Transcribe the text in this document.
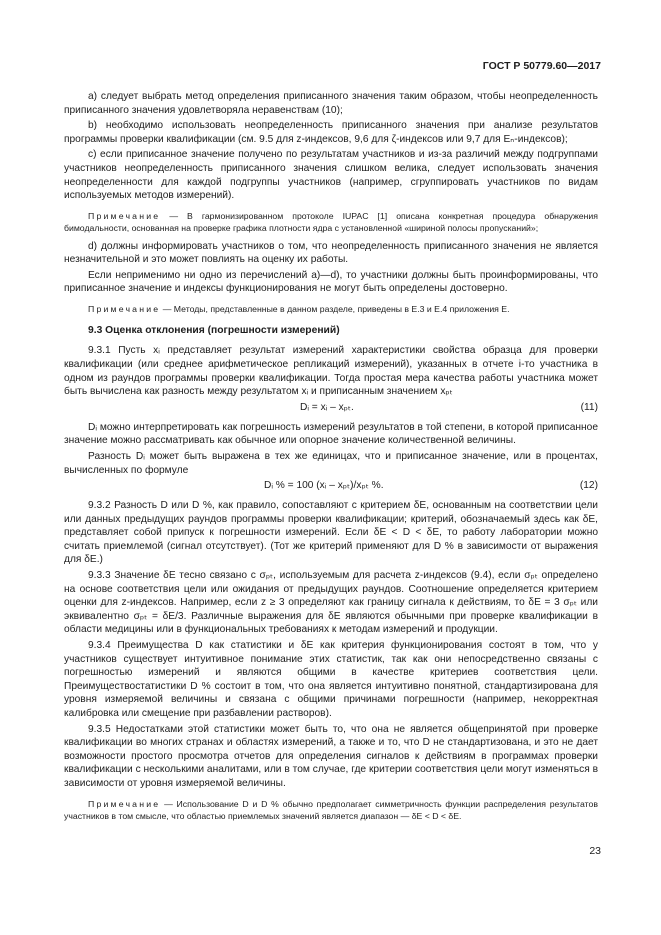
ГОСТ Р 50779.60—2017

a) следует выбрать метод определения приписанного значения таким образом, чтобы неопределенность приписанного значения удовлетворяла неравенствам (10);

b) необходимо использовать неопределенность приписанного значения при анализе результатов программы проверки квалификации (см. 9.5 для z-индексов, 9,6 для ζ-индексов или 9,7 для Eₙ-индексов);

c) если приписанное значение получено по результатам участников и из-за различий между подгруппами участников неопределенность приписанного значения слишком велика, следует использовать значения неопределенности для каждой подгруппы участников (например, сгруппировать участников по видам используемых методов измерений).

Примечание — В гармонизированном протоколе IUPAC [1] описана конкретная процедура обнаружения бимодальности, основанная на проверке графика плотности ядра с установленной «шириной полосы пропусканий»;

d) должны информировать участников о том, что неопределенность приписанного значения не является незначительной и это может повлиять на оценку их работы.

Если неприменимо ни одно из перечислений а)—d), то участники должны быть проинформированы, что приписанное значение и индексы функционирования не могут быть определены достоверно.

Примечание — Методы, представленные в данном разделе, приведены в Е.3 и Е.4 приложения Е.

9.3 Оценка отклонения (погрешности измерений)

9.3.1 Пусть xᵢ представляет результат измерений характеристики свойства образца для проверки квалификации (или среднее арифметическое репликаций измерений), указанных в отчете i-то участника в одном из раундов программы проверки квалификации. Тогда простая мера качества работы участника может быть вычислена как разность между результатом xᵢ и приписанным значением xₚₜ

Dᵢ = xᵢ – xₚₜ.	(11)

Dᵢ можно интерпретировать как погрешность измерений результатов в той степени, в которой приписанное значение можно рассматривать как обычное или опорное значение количественной величины.

Разность Dᵢ может быть выражена в тех же единицах, что и приписанное значение, или в процентах, вычисленных по формуле

Dᵢ % = 100 (xᵢ – xₚₜ)/xₚₜ %.	(12)

9.3.2 Разность D или D %, как правило, сопоставляют с критерием δE, основанным на соответствии цели или данных предыдущих раундов программы проверки квалификации; критерий, обозначаемый здесь как δE, представляет собой припуск к погрешности измерений. Если δE < D < δE, то работу лаборатории можно считать приемлемой (сигнал отсутствует). (Тот же критерий применяют для D % в зависимости от выражения для δE.)

9.3.3 Значение δE тесно связано с σₚₜ, используемым для расчета z-индексов (9.4), если σₚₜ определено на основе соответствия цели или ожидания от предыдущих раундов. Соотношение определяется критерием оценки для z-индексов. Например, если z ≥ 3 определяют как границу сигнала к действиям, то δE = 3 σₚₜ или эквивалентно σₚₜ = δE/3. Различные выражения для δE являются обычными при проверке квалификации в области медицины или в функциональных требованиях к методам измерений и продукции.

9.3.4 Преимущества D как статистики и δE как критерия функционирования состоят в том, что у участников существует интуитивное понимание этих статистик, так как они непосредственно связаны с погрешностью измерений и являются общими в качестве критериев соответствия цели. Преимуществостатистики D % состоит в том, что она является интуитивно понятной, стандартизирована для уровня измеряемой величины и связана с общими причинами погрешности (например, некорректная калибровка или смещение при разбавлении растворов).

9.3.5 Недостатками этой статистики может быть то, что она не является общепринятой при проверке квалификации во многих странах и областях измерений, а также и то, что D не стандартизована, и это не дает возможности простого просмотра отчетов для определения сигналов к действиям в программах проверки квалификации с несколькими аналитами, или в том случае, где критерии соответствия цели могут изменяться в зависимости от уровня измеряемой величины.

Примечание — Использование D и D % обычно предполагает симметричность функции распределения результатов участников в том смысле, что областью приемлемых значений является диапазон — δE < D < δE.

23
